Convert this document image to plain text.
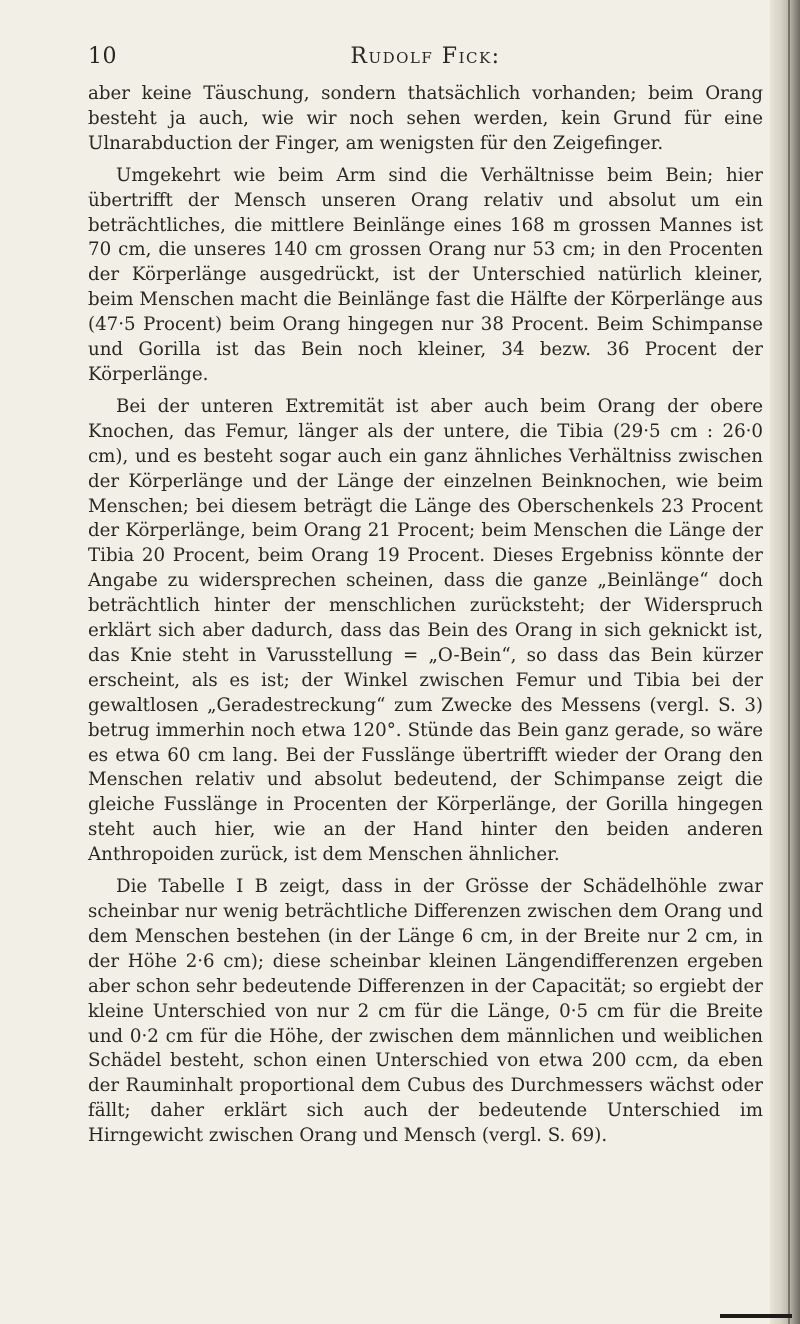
10	Rudolf Fick:

aber keine Täuschung, sondern thatsächlich vorhanden; beim Orang besteht ja auch, wie wir noch sehen werden, kein Grund für eine Ulnarabduction der Finger, am wenigsten für den Zeigefinger.

Umgekehrt wie beim Arm sind die Verhältnisse beim Bein; hier übertrifft der Mensch unseren Orang relativ und absolut um ein beträchtliches, die mittlere Beinlänge eines 168 m grossen Mannes ist 70 cm, die unseres 140 cm grossen Orang nur 53 cm; in den Procenten der Körperlänge ausgedrückt, ist der Unterschied natürlich kleiner, beim Menschen macht die Beinlänge fast die Hälfte der Körperlänge aus (47·5 Procent) beim Orang hingegen nur 38 Procent. Beim Schimpanse und Gorilla ist das Bein noch kleiner, 34 bezw. 36 Procent der Körperlänge.

Bei der unteren Extremität ist aber auch beim Orang der obere Knochen, das Femur, länger als der untere, die Tibia (29·5 cm : 26·0 cm), und es besteht sogar auch ein ganz ähnliches Verhältniss zwischen der Körperlänge und der Länge der einzelnen Beinknochen, wie beim Menschen; bei diesem beträgt die Länge des Oberschenkels 23 Procent der Körperlänge, beim Orang 21 Procent; beim Menschen die Länge der Tibia 20 Procent, beim Orang 19 Procent. Dieses Ergebniss könnte der Angabe zu widersprechen scheinen, dass die ganze „Beinlänge“ doch beträchtlich hinter der menschlichen zurücksteht; der Widerspruch erklärt sich aber dadurch, dass das Bein des Orang in sich geknickt ist, das Knie steht in Varusstellung = „O-Bein“, so dass das Bein kürzer erscheint, als es ist; der Winkel zwischen Femur und Tibia bei der gewaltlosen „Geradestreckung“ zum Zwecke des Messens (vergl. S. 3) betrug immerhin noch etwa 120°. Stünde das Bein ganz gerade, so wäre es etwa 60 cm lang. Bei der Fusslänge übertrifft wieder der Orang den Menschen relativ und absolut bedeutend, der Schimpanse zeigt die gleiche Fusslänge in Procenten der Körperlänge, der Gorilla hingegen steht auch hier, wie an der Hand hinter den beiden anderen Anthropoiden zurück, ist dem Menschen ähnlicher.

Die Tabelle I B zeigt, dass in der Grösse der Schädelhöhle zwar scheinbar nur wenig beträchtliche Differenzen zwischen dem Orang und dem Menschen bestehen (in der Länge 6 cm, in der Breite nur 2 cm, in der Höhe 2·6 cm); diese scheinbar kleinen Längendifferenzen ergeben aber schon sehr bedeutende Differenzen in der Capacität; so ergiebt der kleine Unterschied von nur 2 cm für die Länge, 0·5 cm für die Breite und 0·2 cm für die Höhe, der zwischen dem männlichen und weiblichen Schädel besteht, schon einen Unterschied von etwa 200 ccm, da eben der Rauminhalt proportional dem Cubus des Durchmessers wächst oder fällt; daher erklärt sich auch der bedeutende Unterschied im Hirngewicht zwischen Orang und Mensch (vergl. S. 69).
